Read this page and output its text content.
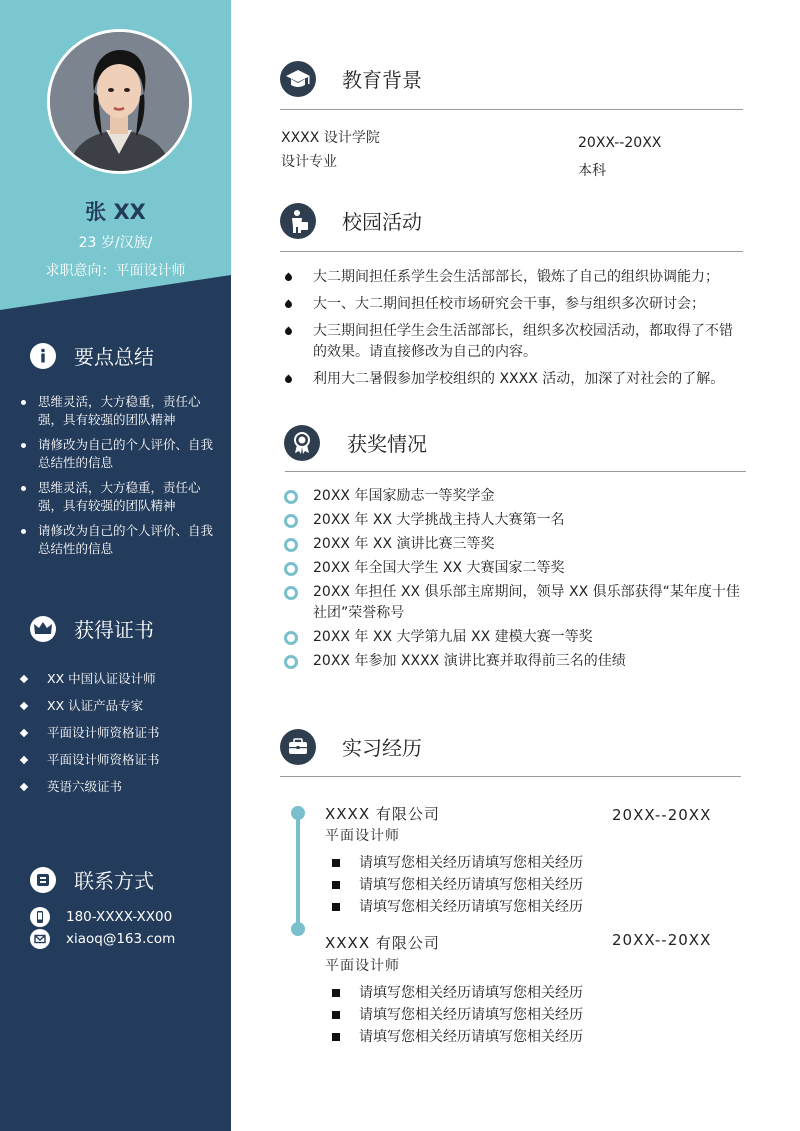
张 XX
23 岁/汉族/
求职意向：平面设计师
要点总结
思维灵活，大方稳重，责任心强，具有较强的团队精神
请修改为自己的个人评价、自我总结性的信息
思维灵活，大方稳重，责任心强，具有较强的团队精神
请修改为自己的个人评价、自我总结性的信息
获得证书
XX 中国认证设计师
XX 认证产品专家
平面设计师资格证书
平面设计师资格证书
英语六级证书
联系方式
180-XXXX-XX00
xiaoq@163.com
教育背景
XXXX 设计学院
设计专业
20XX--20XX
本科
校园活动
大二期间担任系学生会生活部部长，锻炼了自己的组织协调能力；
大一、大二期间担任校市场研究会干事，参与组织多次研讨会；
大三期间担任学生会生活部部长，组织多次校园活动，都取得了不错的效果。请直接修改为自己的内容。
利用大二暑假参加学校组织的 XXXX 活动，加深了对社会的了解。
获奖情况
20XX 年国家励志一等奖学金
20XX 年 XX 大学挑战主持人大赛第一名
20XX 年 XX 演讲比赛三等奖
20XX 年全国大学生 XX 大赛国家二等奖
20XX 年担任 XX 俱乐部主席期间，领导 XX 俱乐部获得“某年度十佳社团”荣誉称号
20XX 年 XX 大学第九届 XX 建模大赛一等奖
20XX 年参加 XXXX 演讲比赛并取得前三名的佳绩
实习经历
XXXX 有限公司	20XX--20XX
平面设计师
请填写您相关经历请填写您相关经历
请填写您相关经历请填写您相关经历
请填写您相关经历请填写您相关经历
XXXX 有限公司	20XX--20XX
平面设计师
请填写您相关经历请填写您相关经历
请填写您相关经历请填写您相关经历
请填写您相关经历请填写您相关经历
